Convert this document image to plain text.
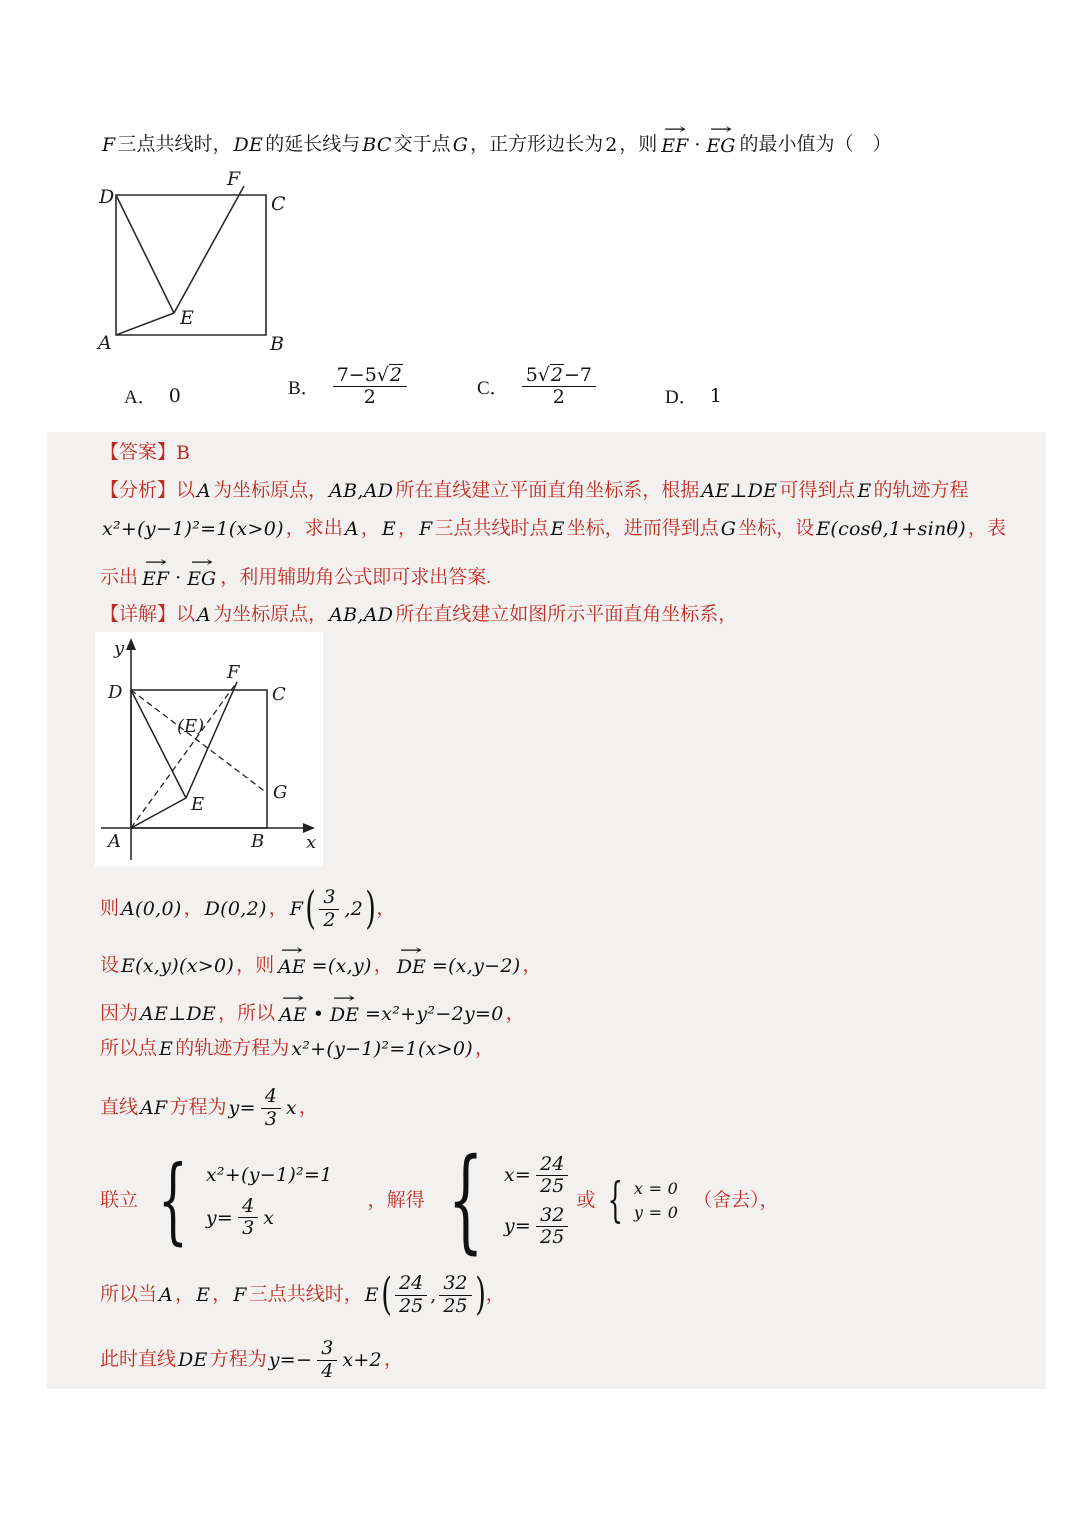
F 三点共线时， DE 的延长线与 BC 交于点 G ，正方形边长为 2 ，则 → EF · → EG 的最小值为（　）
D
F
C
A	B
E
A． 0	B． $\frac{7-5 √ 2}{2}$	C． $\frac{5 √ 2 -7}{2}$	D． 1
【答案】 B
【分析】 以 A 为坐标原点， AB,AD 所在直线建立平面直角坐标系，根据 AE⊥DE 可得到点 E 的轨迹方程
x²+(y−1)²=1(x>0) ，求出 A ， E ， F 三点共线时点 E 坐标，进而得到点 G 坐标，设 E(cosθ,1+sinθ) ，表
示出 → EF · → EG ，利用辅助角公式即可求出答案.
【详解】 以 A 为坐标原点， AB,AD 所在直线建立如图所示平面直角坐标系，
y
x
D
F
C
(E)
E
G
A	B
则 A(0,0) ， D(0,2) ， F ( $\frac{3}{2} ,2$ ) ，
设 E(x,y)(x>0) ，则 → AE =(x,y) ， → DE =(x,y−2) ，
因为 AE⊥DE ，所以 → AE • → DE =x²+y²−2y=0 ，
所以点 E 的轨迹方程为 x²+(y−1)²=1(x>0) ，
直线 AF 方程为 $y= \frac{4}{3}$ x ，
联立
{ x²+(y−1)²=1
$y= \frac{4}{3}$ x
，解得
{ $x= \frac{24}{25}$
$y= \frac{32}{25}$
或
{ x = 0
y = 0
（舍去），
所以当 A ， E ， F 三点共线时， E ( $\frac{24}{25}$ , $\frac{32}{25}$ ) ，
此时直线 DE 方程为 $y=- \frac{3}{4} x+2$ ，
